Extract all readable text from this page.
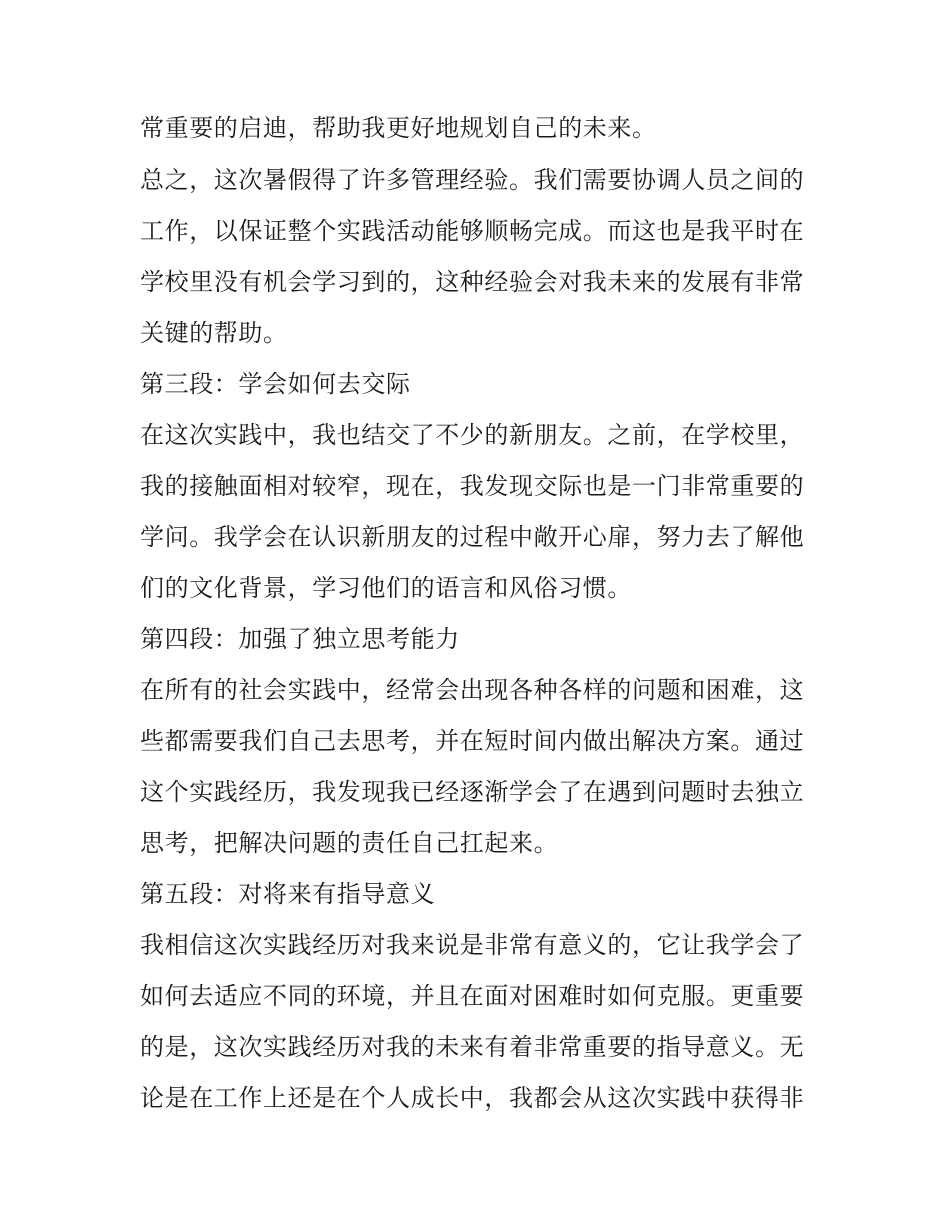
常重要的启迪，帮助我更好地规划自己的未来。
总之，这次暑假得了许多管理经验。我们需要协调人员之间的
工作，以保证整个实践活动能够顺畅完成。而这也是我平时在
学校里没有机会学习到的，这种经验会对我未来的发展有非常
关键的帮助。
第三段：学会如何去交际
在这次实践中，我也结交了不少的新朋友。之前，在学校里，
我的接触面相对较窄，现在，我发现交际也是一门非常重要的
学问。我学会在认识新朋友的过程中敞开心扉，努力去了解他
们的文化背景，学习他们的语言和风俗习惯。
第四段：加强了独立思考能力
在所有的社会实践中，经常会出现各种各样的问题和困难，这
些都需要我们自己去思考，并在短时间内做出解决方案。通过
这个实践经历，我发现我已经逐渐学会了在遇到问题时去独立
思考，把解决问题的责任自己扛起来。
第五段：对将来有指导意义
我相信这次实践经历对我来说是非常有意义的，它让我学会了
如何去适应不同的环境，并且在面对困难时如何克服。更重要
的是，这次实践经历对我的未来有着非常重要的指导意义。无
论是在工作上还是在个人成长中，我都会从这次实践中获得非
